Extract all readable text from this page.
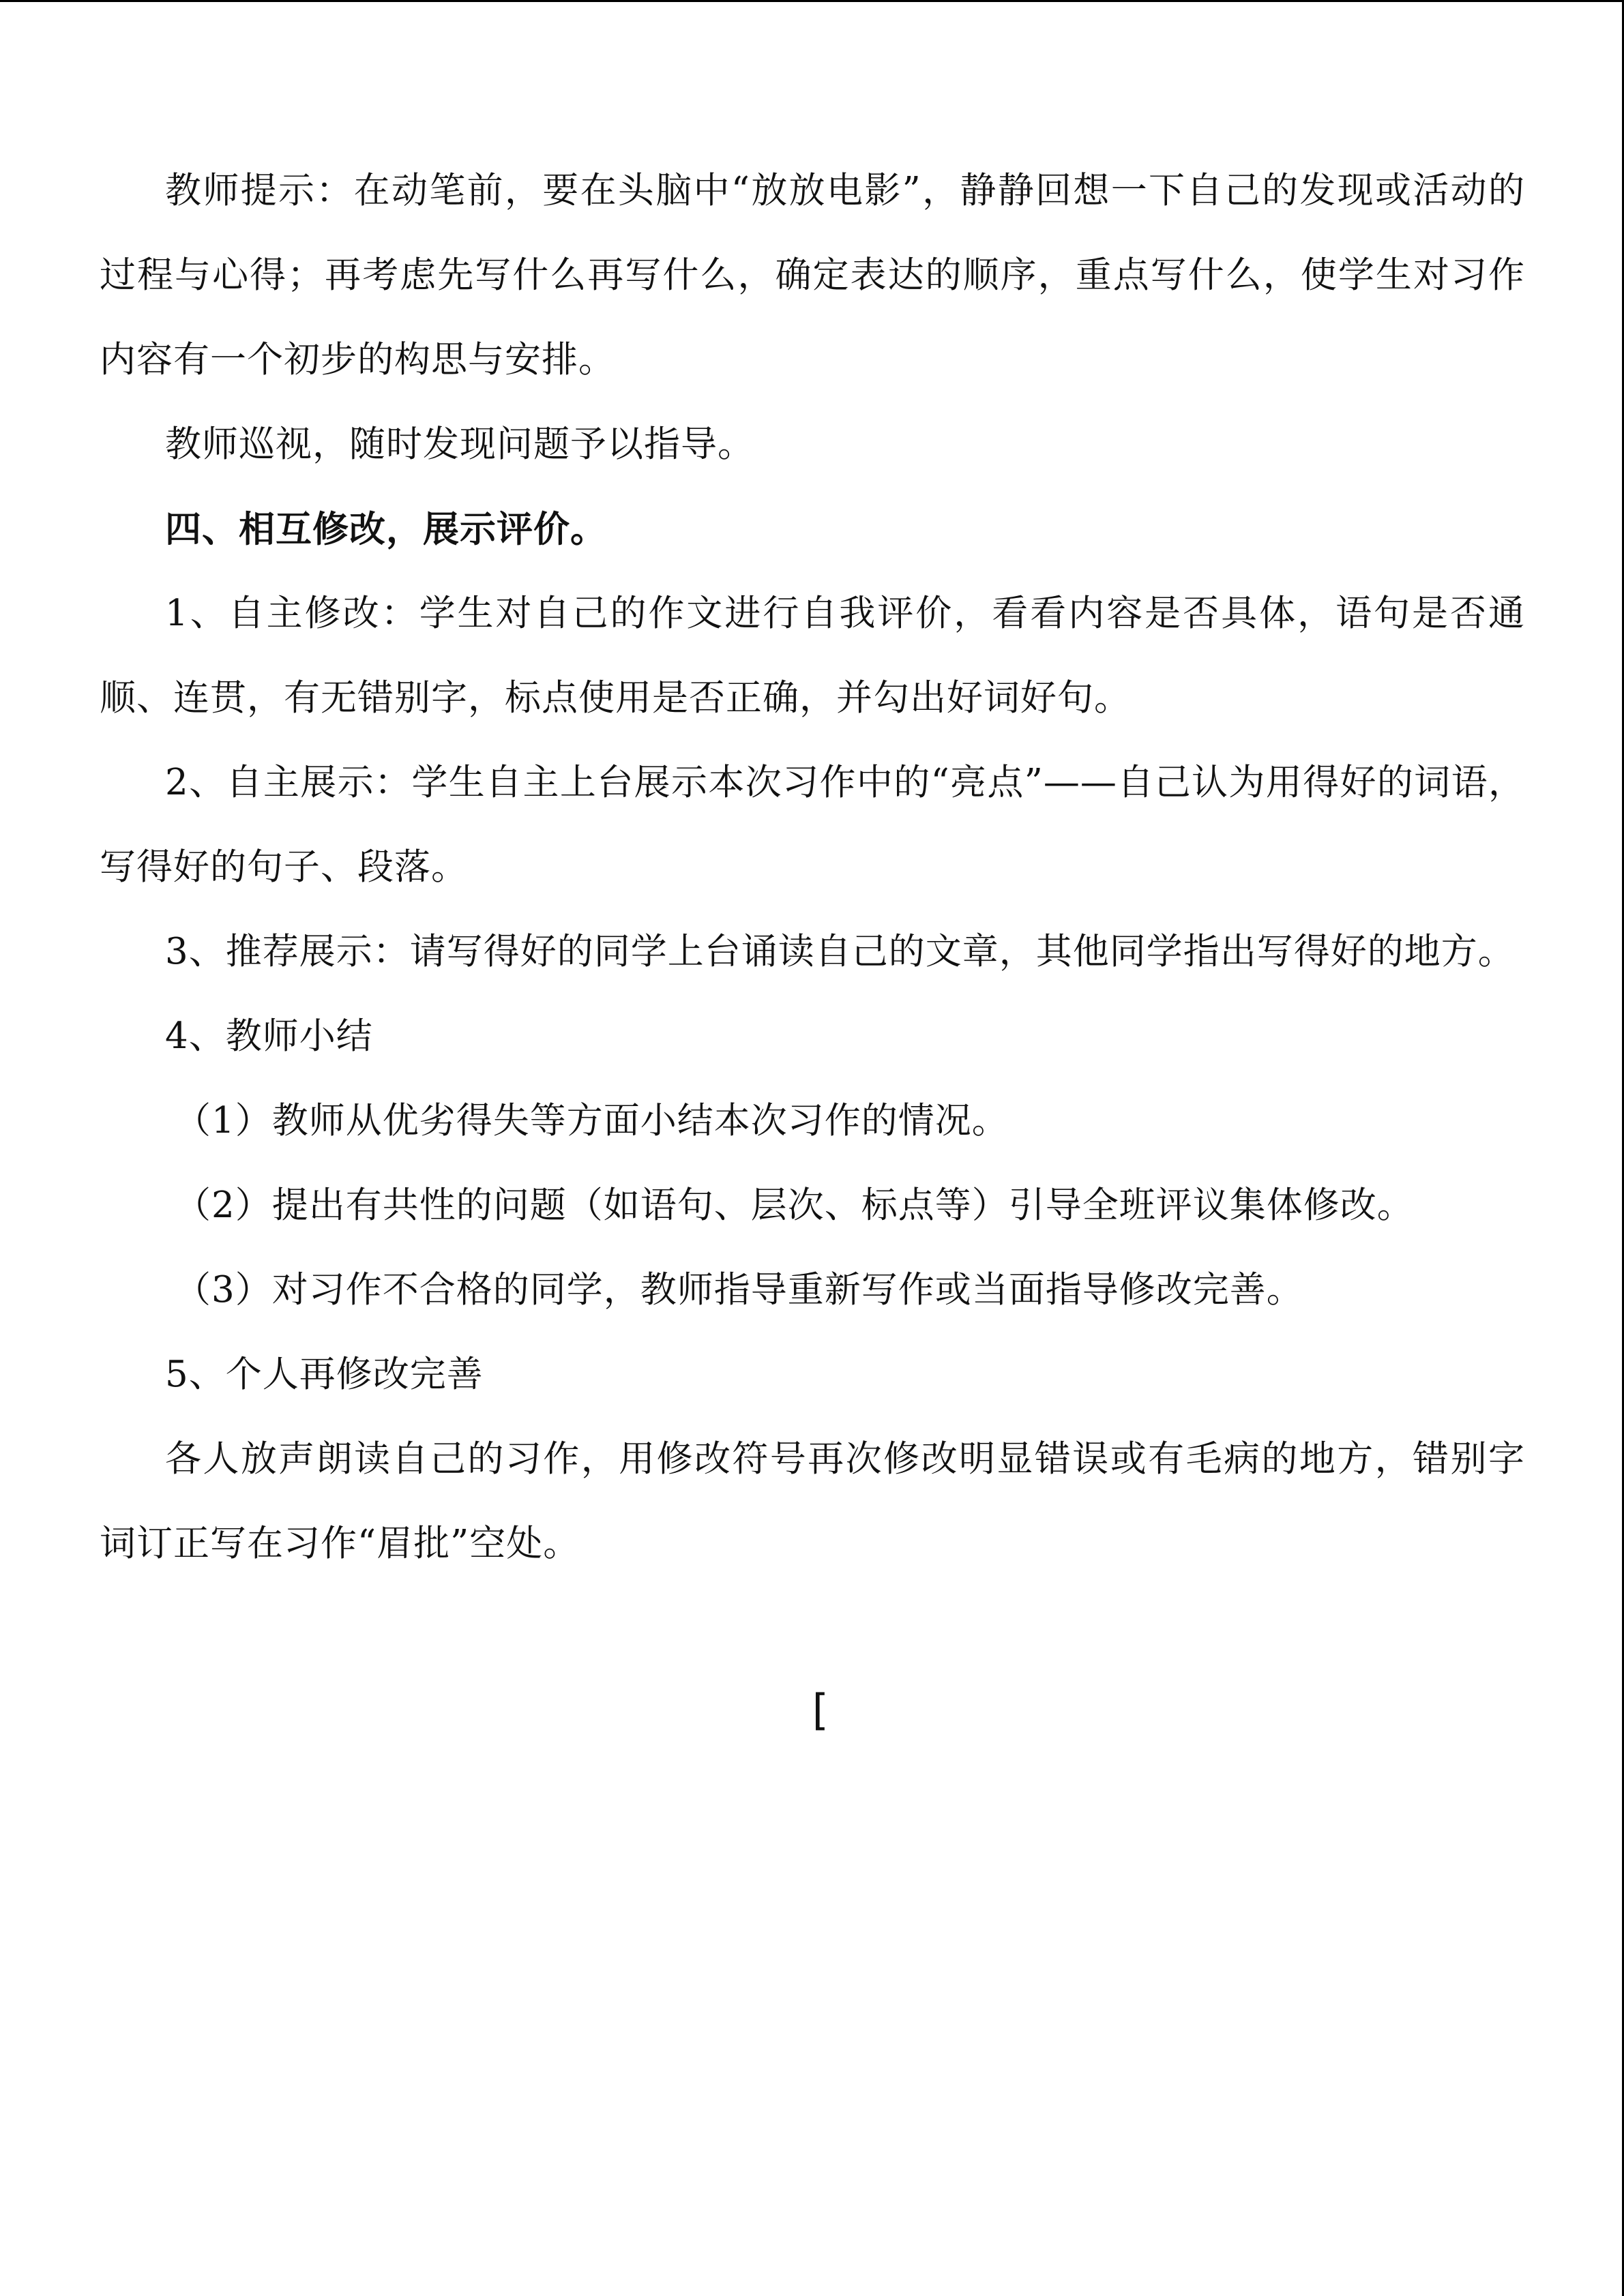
教师提示：在动笔前，要在头脑中“放放电影”，静静回想一下自己的发现或活动的过程与心得；再考虑先写什么再写什么，确定表达的顺序，重点写什么，使学生对习作内容有一个初步的构思与安排。

教师巡视，随时发现问题予以指导。

四、相互修改，展示评价。

1、自主修改：学生对自己的作文进行自我评价，看看内容是否具体，语句是否通顺、连贯，有无错别字，标点使用是否正确，并勾出好词好句。

2、自主展示：学生自主上台展示本次习作中的“亮点”——自己认为用得好的词语，写得好的句子、段落。

3、推荐展示：请写得好的同学上台诵读自己的文章，其他同学指出写得好的地方。

4、教师小结

（1）教师从优劣得失等方面小结本次习作的情况。

（2）提出有共性的问题（如语句、层次、标点等）引导全班评议集体修改。

（3）对习作不合格的同学，教师指导重新写作或当面指导修改完善。

5、个人再修改完善

各人放声朗读自己的习作，用修改符号再次修改明显错误或有毛病的地方，错别字词订正写在习作“眉批”空处。

[
